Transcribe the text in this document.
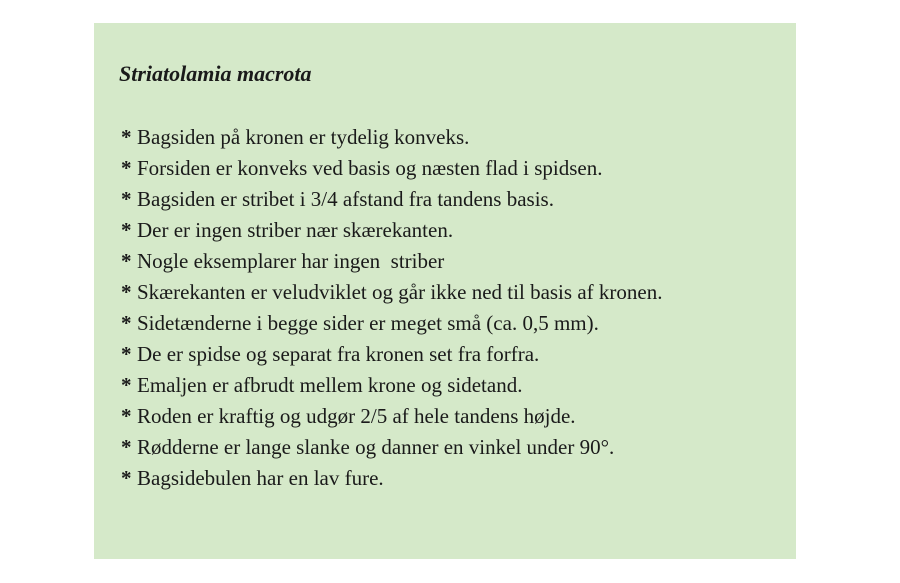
Striatolamia macrota
* Bagsiden på kronen er tydelig konveks.
* Forsiden er konveks ved basis og næsten flad i spidsen.
* Bagsiden er stribet i 3/4 afstand fra tandens basis.
* Der er ingen striber nær skærekanten.
* Nogle eksemplarer har ingen  striber
* Skærekanten er veludviklet og går ikke ned til basis af kronen.
* Sidetænderne i begge sider er meget små (ca. 0,5 mm).
* De er spidse og separat fra kronen set fra forfra.
* Emaljen er afbrudt mellem krone og sidetand.
* Roden er kraftig og udgør 2/5 af hele tandens højde.
* Rødderne er lange slanke og danner en vinkel under 90°.
* Bagsidebulen har en lav fure.
